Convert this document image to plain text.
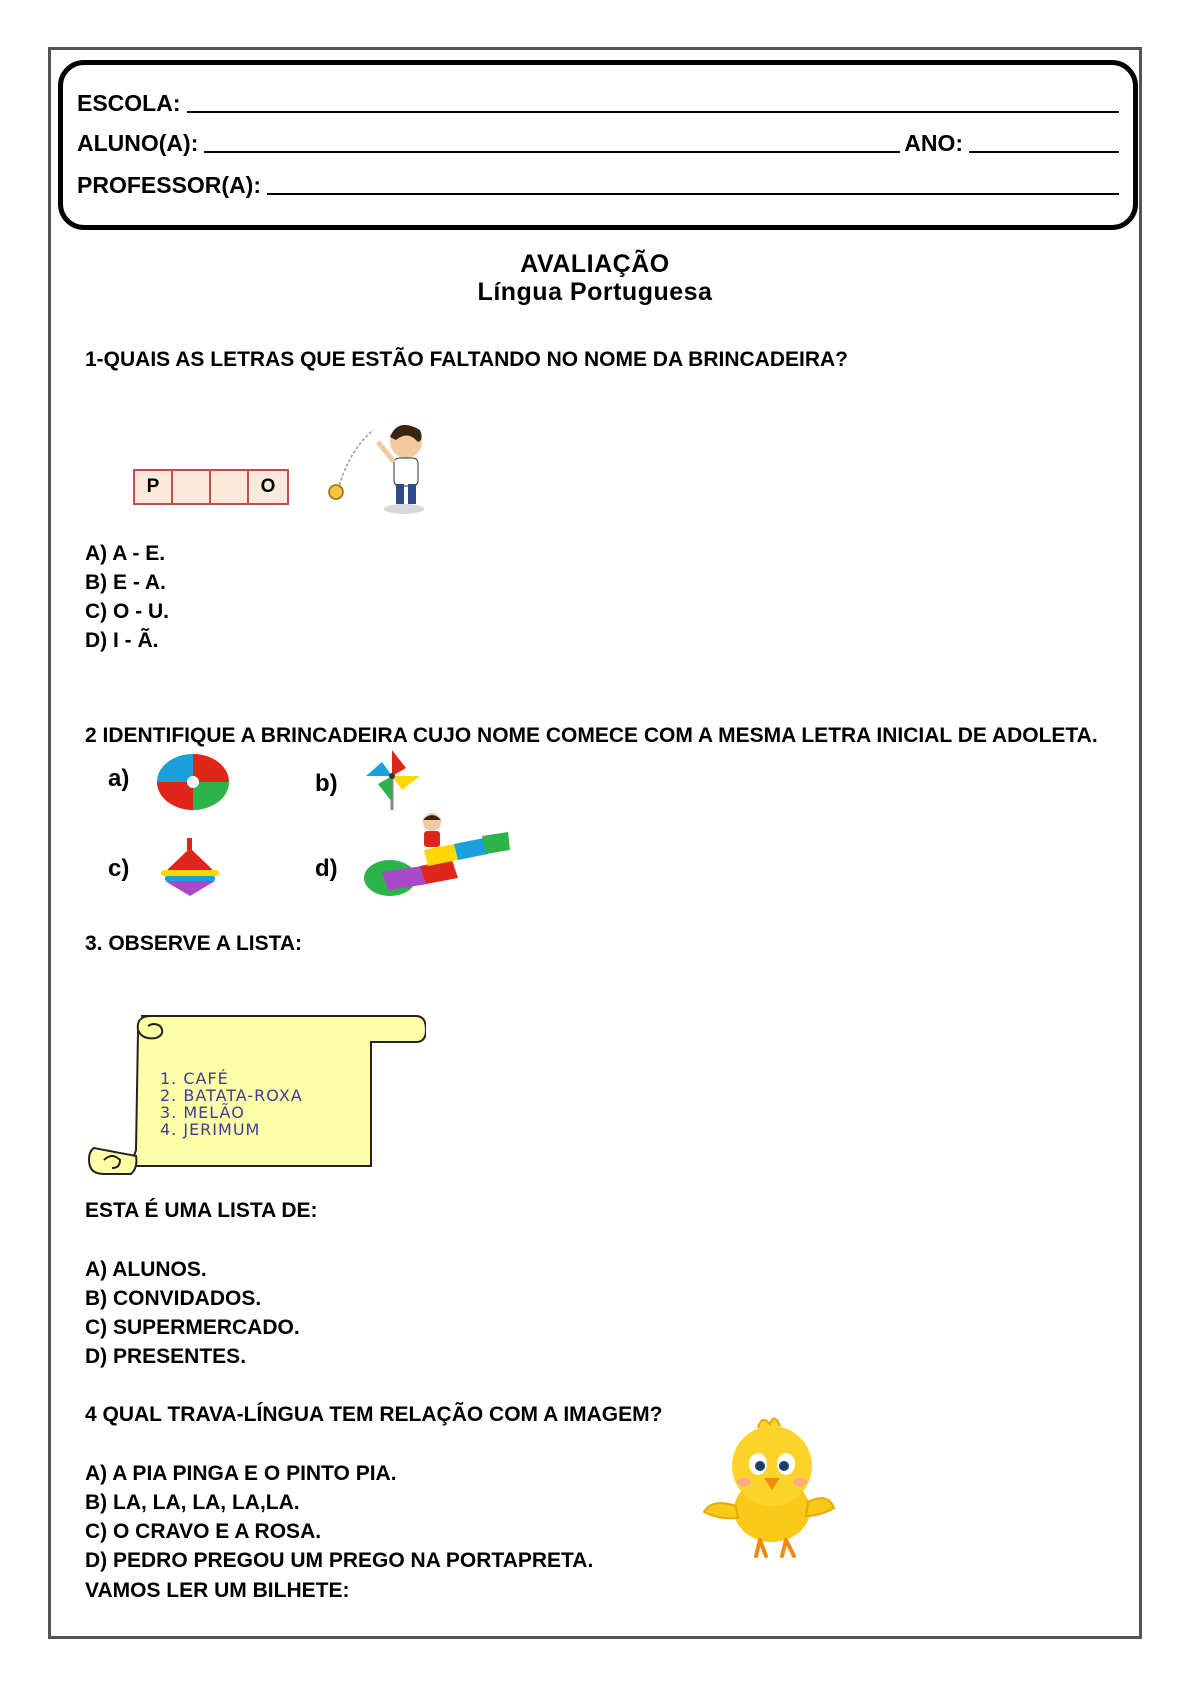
ESCOLA:
ALUNO(A):	ANO:
PROFESSOR(A):
AVALIAÇÃO
Língua Portuguesa
1-QUAIS AS LETRAS QUE ESTÃO FALTANDO NO NOME DA BRINCADEIRA?
P	O
A) A - E.
B) E - A.
C) O - U.
D) I - Ã.
2 IDENTIFIQUE A BRINCADEIRA CUJO NOME COMECE COM A MESMA LETRA INICIAL DE ADOLETA.
a)	b)
c)	d)
3. OBSERVE A LISTA:
1. CAFÉ
2. BATATA-ROXA
3. MELÃO
4. JERIMUM
ESTA É UMA LISTA DE:
A) ALUNOS.
B) CONVIDADOS.
C) SUPERMERCADO.
D) PRESENTES.
4 QUAL TRAVA-LÍNGUA TEM RELAÇÃO COM A IMAGEM?
A) A PIA PINGA E O PINTO PIA.
B) LA, LA, LA, LA,LA.
C) O CRAVO E A ROSA.
D) PEDRO PREGOU UM PREGO NA PORTAPRETA.
VAMOS LER UM BILHETE:
